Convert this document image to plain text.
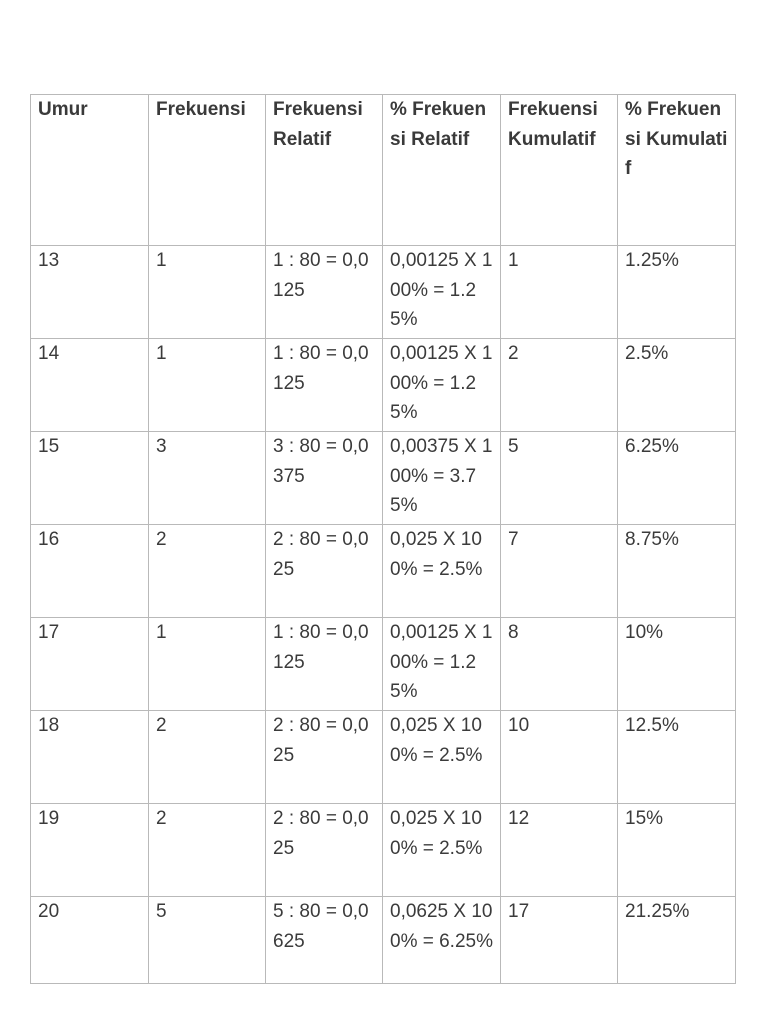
Umur	Frekuensi	Frekuensi Relatif	% Frekuensi Relatif	Frekuensi Kumulatif	% Frekuensi Kumulatif
13	1	1 : 80 = 0,0125	0,00125 X 100% = 1.25%	1	1.25%
14	1	1 : 80 = 0,0125	0,00125 X 100% = 1.25%	2	2.5%
15	3	3 : 80 = 0,0375	0,00375 X 100% = 3.75%	5	6.25%
16	2	2 : 80 = 0,025	0,025 X 100% = 2.5%	7	8.75%
17	1	1 : 80 = 0,0125	0,00125 X 100% = 1.25%	8	10%
18	2	2 : 80 = 0,025	0,025 X 100% = 2.5%	10	12.5%
19	2	2 : 80 = 0,025	0,025 X 100% = 2.5%	12	15%
20	5	5 : 80 = 0,0625	0,0625 X 100% = 6.25%	17	21.25%
